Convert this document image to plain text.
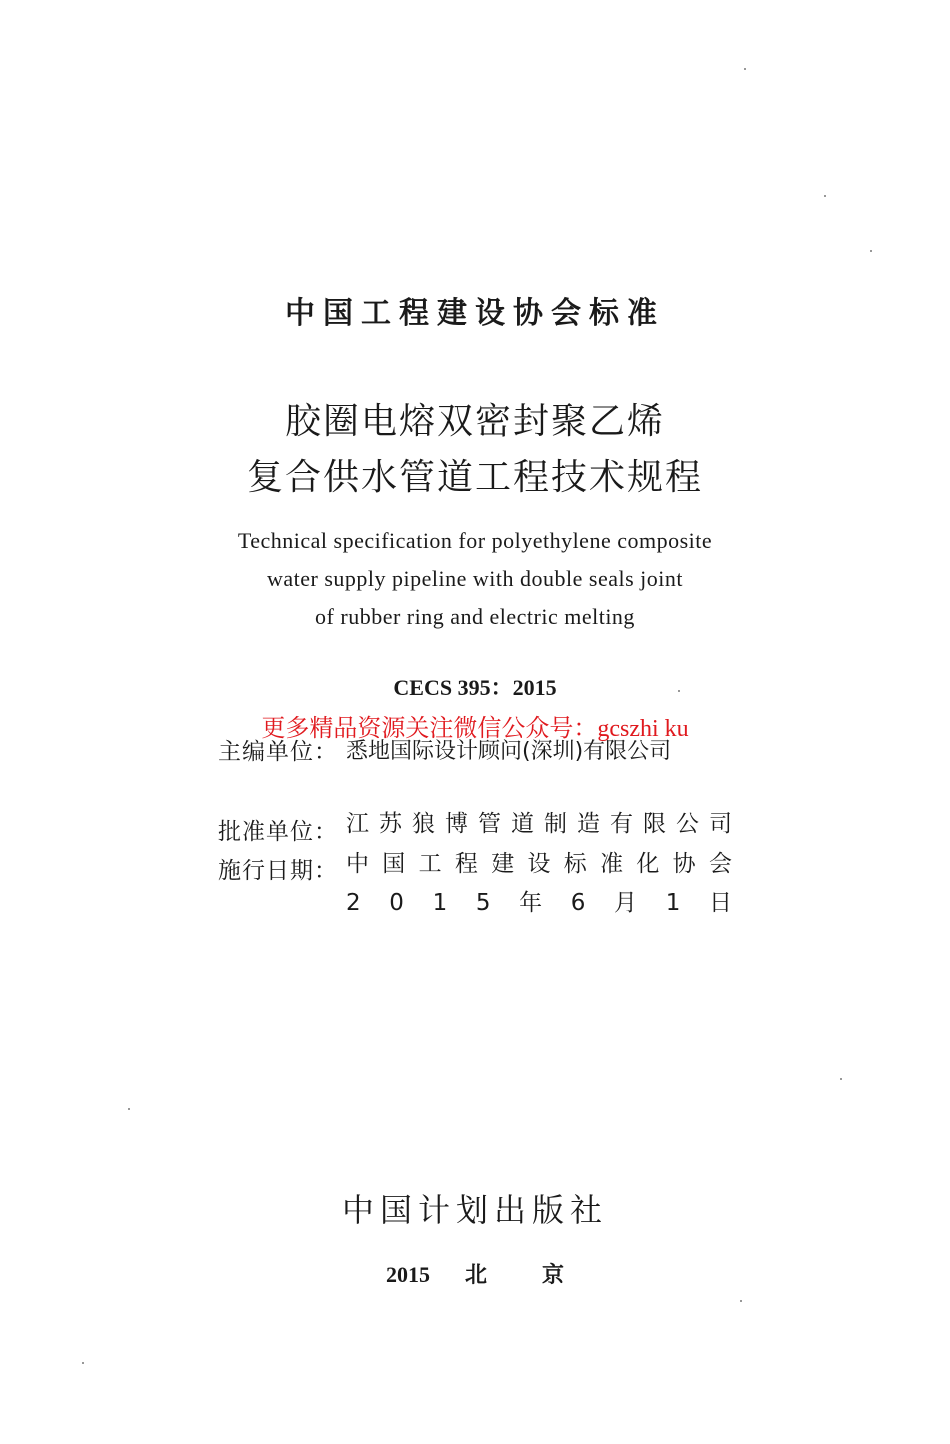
中国工程建设协会标准
胶圈电熔双密封聚乙烯
复合供水管道工程技术规程
Technical specification for polyethylene composite
water supply pipeline with double seals joint
of rubber ring and electric melting
CECS 395：2015
更多精品资源关注微信公众号：gcszhi ku
主编单位： 悉地国际设计顾问(深圳)有限公司
江 苏 狼 博 管 道 制 造 有 限 公 司
批准单位：
中 国 工 程 建 设 标 准 化 协 会
施行日期：
2 0 1 5 年 6 月 1 日
中国计划出版社
2015 北	京
